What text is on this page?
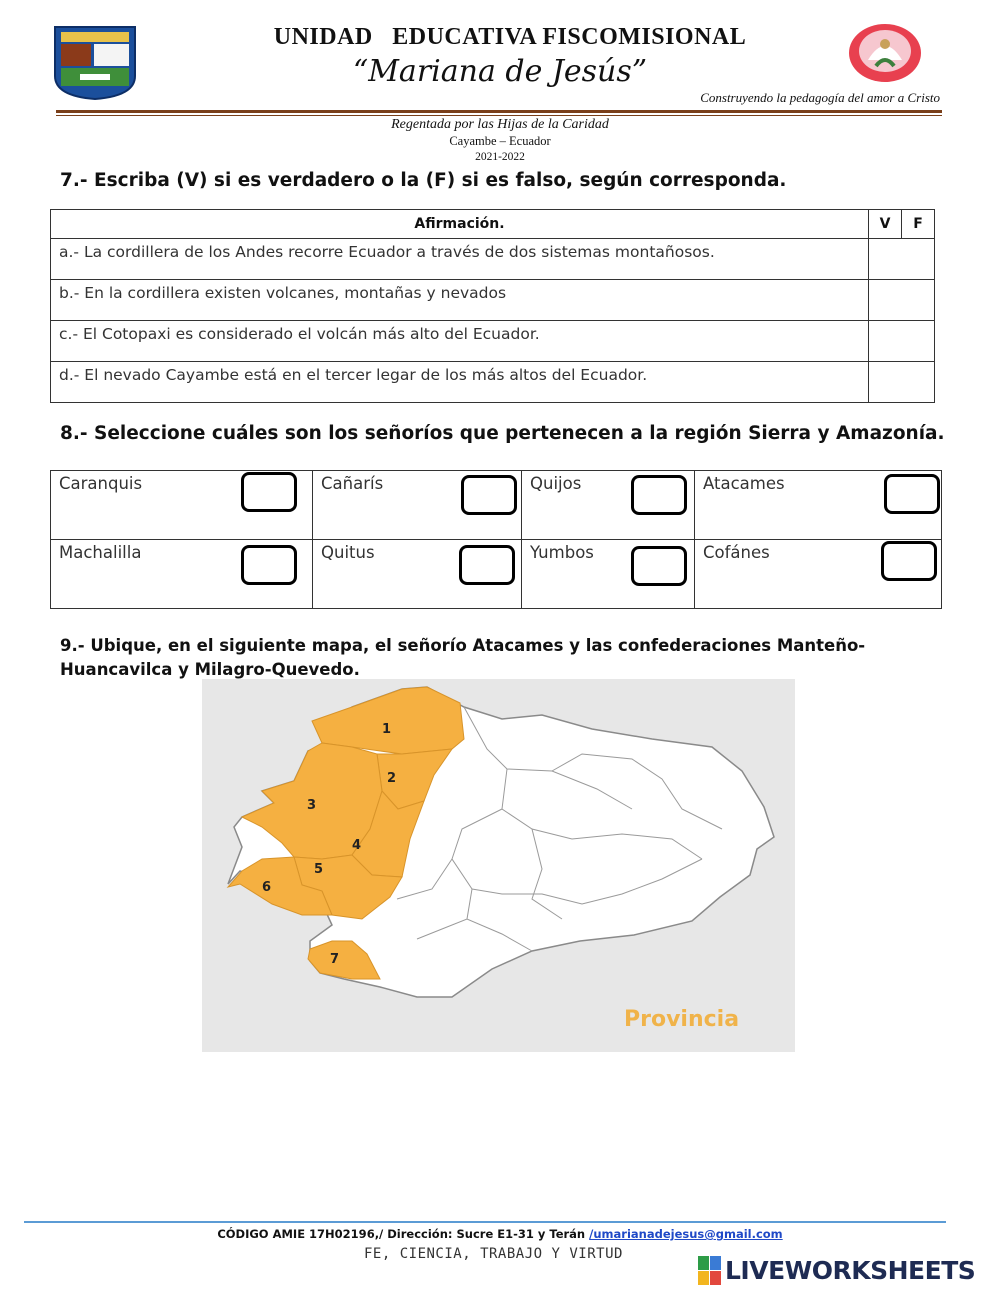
UNIDAD   EDUCATIVA FISCOMISIONAL
“Mariana de Jesús”
Construyendo la pedagogía del amor a Cristo
Regentada por las Hijas de la Caridad
Cayambe – Ecuador
2021-2022
7.- Escriba (V) si es verdadero o la (F) si es falso, según corresponda.
Afirmación.	V	F
a.- La cordillera de los Andes recorre Ecuador a través de dos sistemas montañosos.		
b.- En la cordillera existen volcanes, montañas y nevados		
c.- El Cotopaxi es considerado el volcán más alto del Ecuador.		
d.- El nevado Cayambe está en el tercer legar de los más altos del Ecuador.		
8.- Seleccione cuáles son los señoríos que pertenecen a la región Sierra y Amazonía.
Caranquis	Cañarís	Quijos	Atacames

Machalilla	Quitus	Yumbos	Cofánes
9.- Ubique, en el siguiente mapa, el señorío Atacames y las confederaciones Manteño- Huancavilca y Milagro-Quevedo.
1
2
3
4
5
6
7
Provincia
CÓDIGO AMIE 17H02196,/ Dirección: Sucre E1-31 y Terán /umarianadejesus@gmail.com
FE, CIENCIA, TRABAJO Y VIRTUD
LIVEWORKSHEETS
